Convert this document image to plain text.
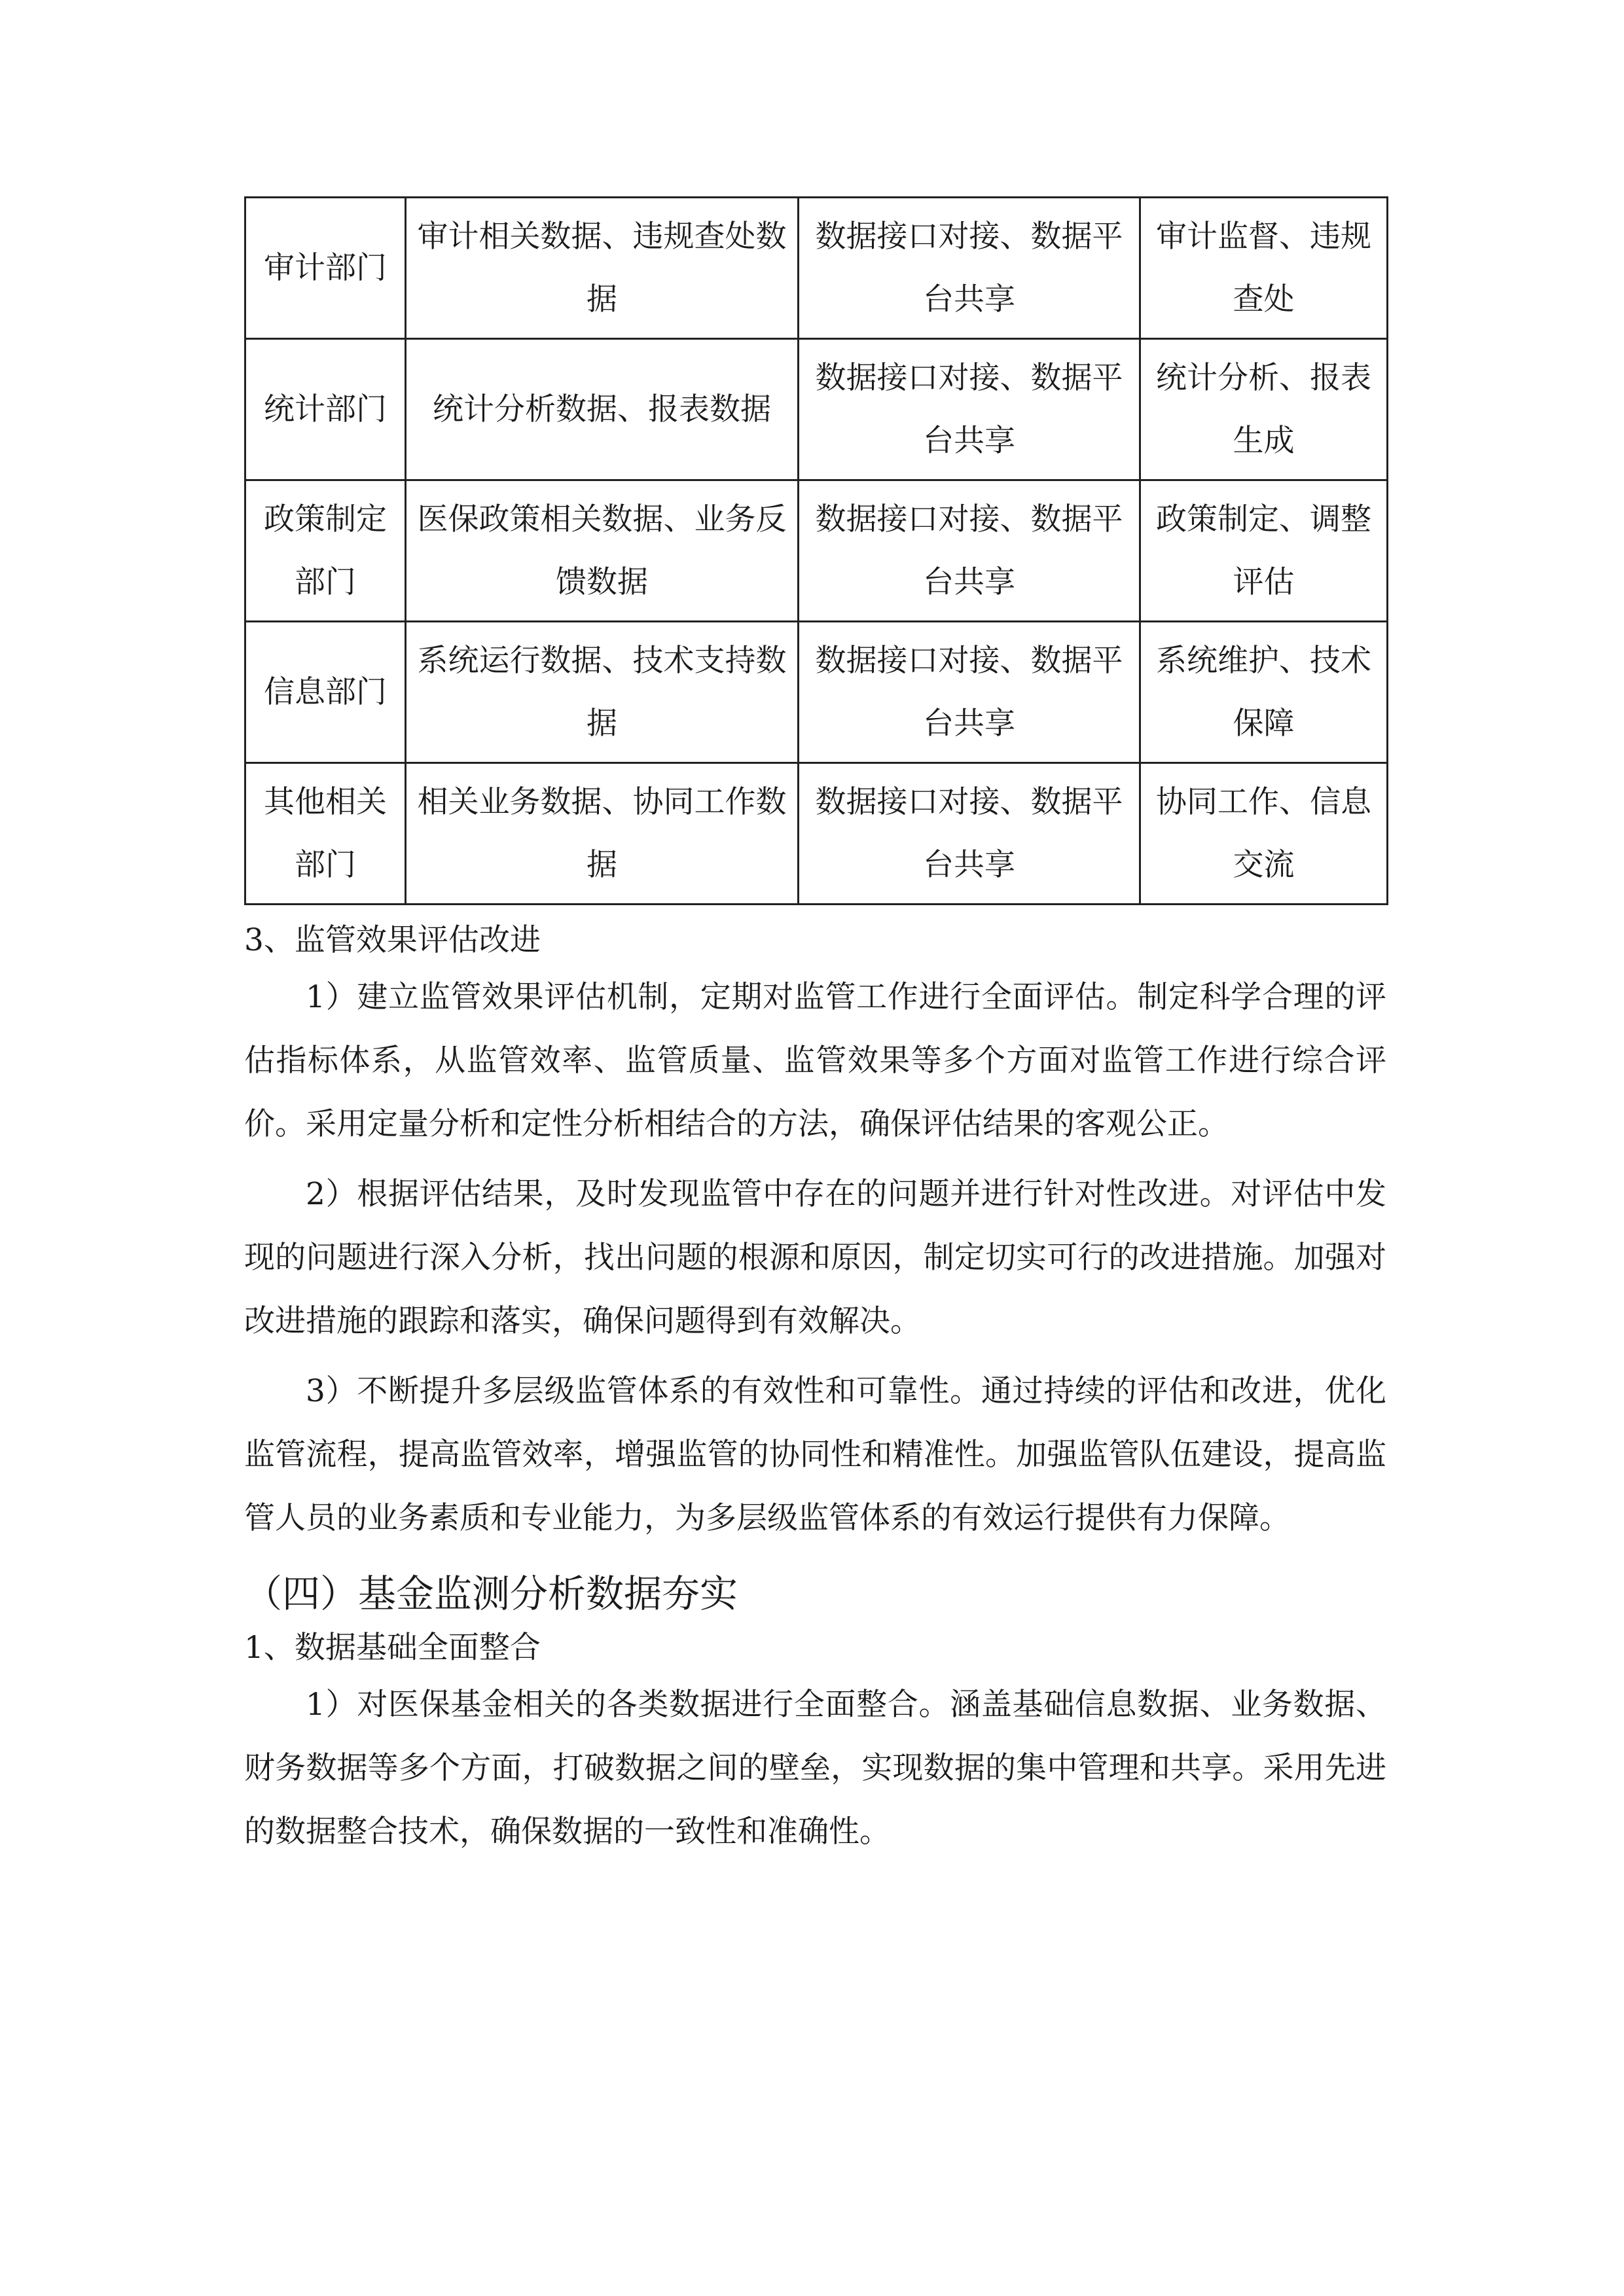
审计部门	审计相关数据、违规查处数据	数据接口对接、数据平台共享	审计监督、违规查处
统计部门	统计分析数据、报表数据	数据接口对接、数据平台共享	统计分析、报表生成
政策制定部门	医保政策相关数据、业务反馈数据	数据接口对接、数据平台共享	政策制定、调整评估
信息部门	系统运行数据、技术支持数据	数据接口对接、数据平台共享	系统维护、技术保障
其他相关部门	相关业务数据、协同工作数据	数据接口对接、数据平台共享	协同工作、信息交流
3、监管效果评估改进

1）建立监管效果评估机制，定期对监管工作进行全面评估。制定科学合理的评估指标体系，从监管效率、监管质量、监管效果等多个方面对监管工作进行综合评价。采用定量分析和定性分析相结合的方法，确保评估结果的客观公正。

2）根据评估结果，及时发现监管中存在的问题并进行针对性改进。对评估中发现的问题进行深入分析，找出问题的根源和原因，制定切实可行的改进措施。加强对改进措施的跟踪和落实，确保问题得到有效解决。

3）不断提升多层级监管体系的有效性和可靠性。通过持续的评估和改进，优化监管流程，提高监管效率，增强监管的协同性和精准性。加强监管队伍建设，提高监管人员的业务素质和专业能力，为多层级监管体系的有效运行提供有力保障。

（四）基金监测分析数据夯实
1、数据基础全面整合

1）对医保基金相关的各类数据进行全面整合。涵盖基础信息数据、业务数据、财务数据等多个方面，打破数据之间的壁垒，实现数据的集中管理和共享。采用先进的数据整合技术，确保数据的一致性和准确性。
